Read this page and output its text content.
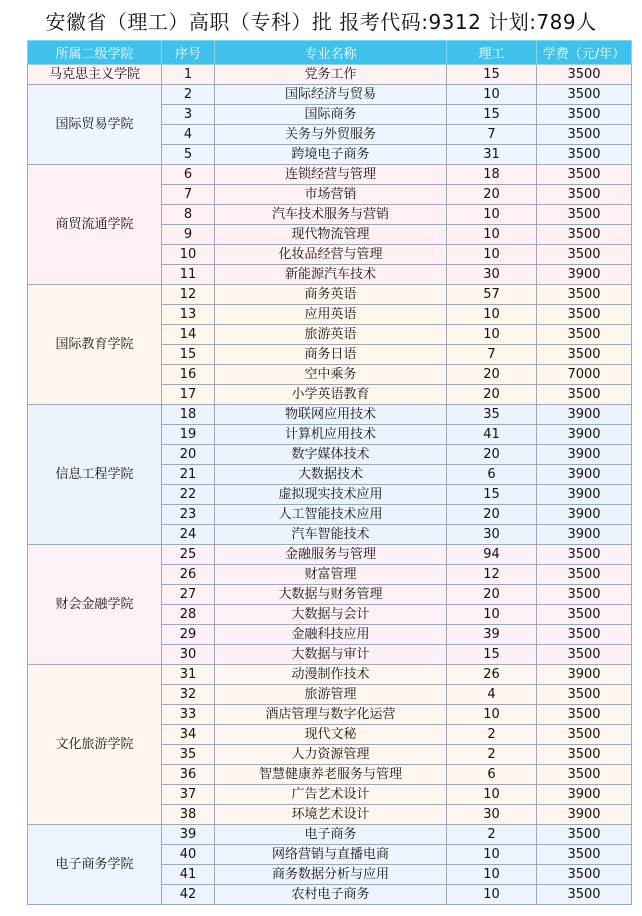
安徽省（理工）高职（专科）批 报考代码:9312 计划:789人
所属二级学院	序号	专业名称	理工	学费（元/年）
马克思主义学院	1	党务工作	15	3500
国际贸易学院	2	国际经济与贸易	10	3500
	3	国际商务	15	3500
	4	关务与外贸服务	7	3500
	5	跨境电子商务	31	3500
商贸流通学院	6	连锁经营与管理	18	3500
	7	市场营销	20	3500
	8	汽车技术服务与营销	10	3500
	9	现代物流管理	10	3500
	10	化妆品经营与管理	10	3500
	11	新能源汽车技术	30	3900
国际教育学院	12	商务英语	57	3500
	13	应用英语	10	3500
	14	旅游英语	10	3500
	15	商务日语	7	3500
	16	空中乘务	20	7000
	17	小学英语教育	20	3500
信息工程学院	18	物联网应用技术	35	3900
	19	计算机应用技术	41	3900
	20	数字媒体技术	20	3900
	21	大数据技术	6	3900
	22	虚拟现实技术应用	15	3900
	23	人工智能技术应用	20	3900
	24	汽车智能技术	30	3900
财会金融学院	25	金融服务与管理	94	3500
	26	财富管理	12	3500
	27	大数据与财务管理	20	3500
	28	大数据与会计	10	3500
	29	金融科技应用	39	3500
	30	大数据与审计	15	3500
文化旅游学院	31	动漫制作技术	26	3900
	32	旅游管理	4	3500
	33	酒店管理与数字化运营	10	3500
	34	现代文秘	2	3500
	35	人力资源管理	2	3500
	36	智慧健康养老服务与管理	6	3500
	37	广告艺术设计	10	3900
	38	环境艺术设计	30	3900
电子商务学院	39	电子商务	2	3500
	40	网络营销与直播电商	10	3500
	41	商务数据分析与应用	10	3500
	42	农村电子商务	10	3500
